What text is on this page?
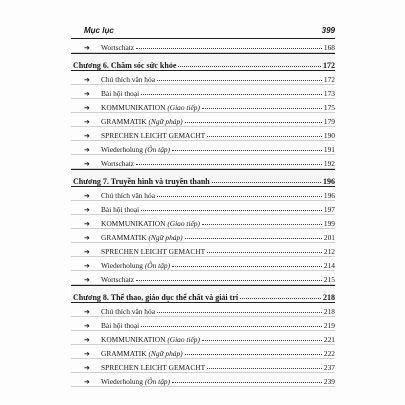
Mục lục	399
➜	Wortschatz	168
Chương 6. Chăm sóc sức khỏe	172
➜	Chú thích văn hóa	172
➜	Bài hội thoại	173
➜	KOMMUNIKATION (Giao tiếp)	175
➜	GRAMMATIK (Ngữ pháp)	179
➜	SPRECHEN LEICHT GEMACHT	190
➜	Wiederholung (Ôn tập)	191
➜	Wortschatz	192
Chương 7. Truyền hình và truyền thanh	196
➜	Chú thích văn hóa	196
➜	Bài hội thoại	197
➜	KOMMUNIKATION (Giao tiếp)	199
➜	GRAMMATIK (Ngữ pháp)	201
➜	SPRECHEN LEICHT GEMACHT	212
➜	Wiederholung (Ôn tập)	214
➜	Wortschatz	215
Chương 8. Thể thao, giáo dục thể chất và giải trí	218
➜	Chú thích văn hóa	218
➜	Bài hội thoại	219
➜	KOMMUNIKATION (Giao tiếp)	221
➜	GRAMMATIK (Ngữ pháp)	222
➜	SPRECHEN LEICHT GEMACHT	237
➜	Wiederholung (Ôn tập)	239
